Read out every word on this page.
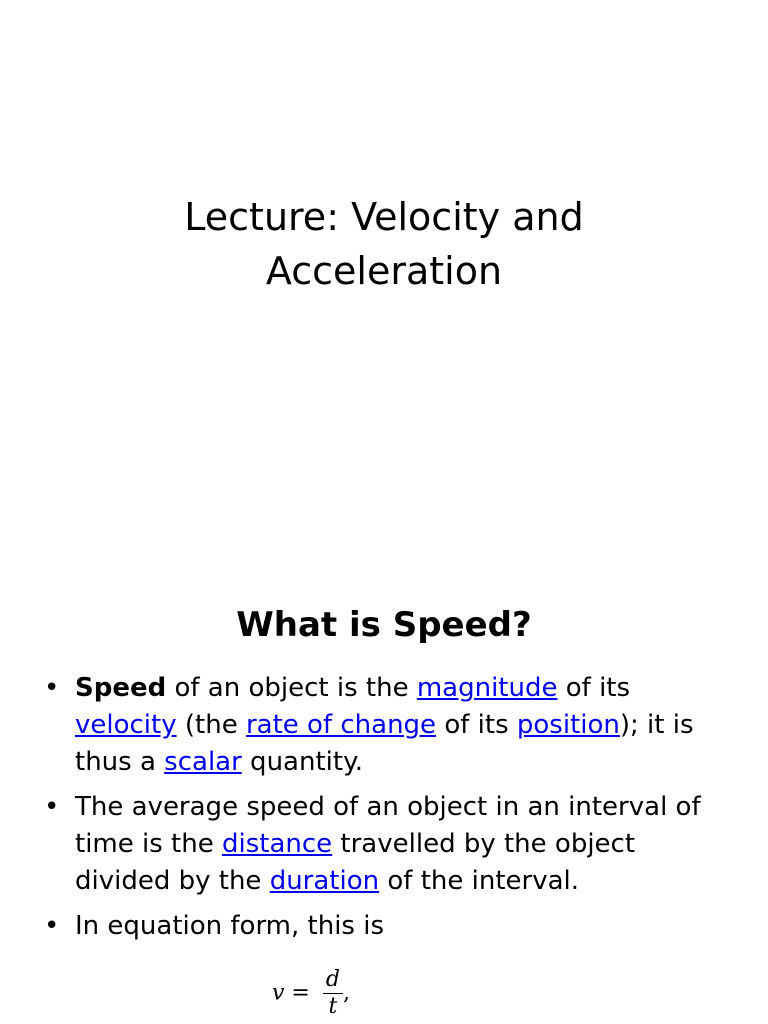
Lecture: Velocity and
Acceleration
What is Speed?
• Speed of an object is the magnitude of its velocity (the rate of change of its position); it is thus a scalar quantity.
• The average speed of an object in an interval of time is the distance travelled by the object divided by the duration of the interval.
• In equation form, this is
$v = \frac{d}{t}$ ,
